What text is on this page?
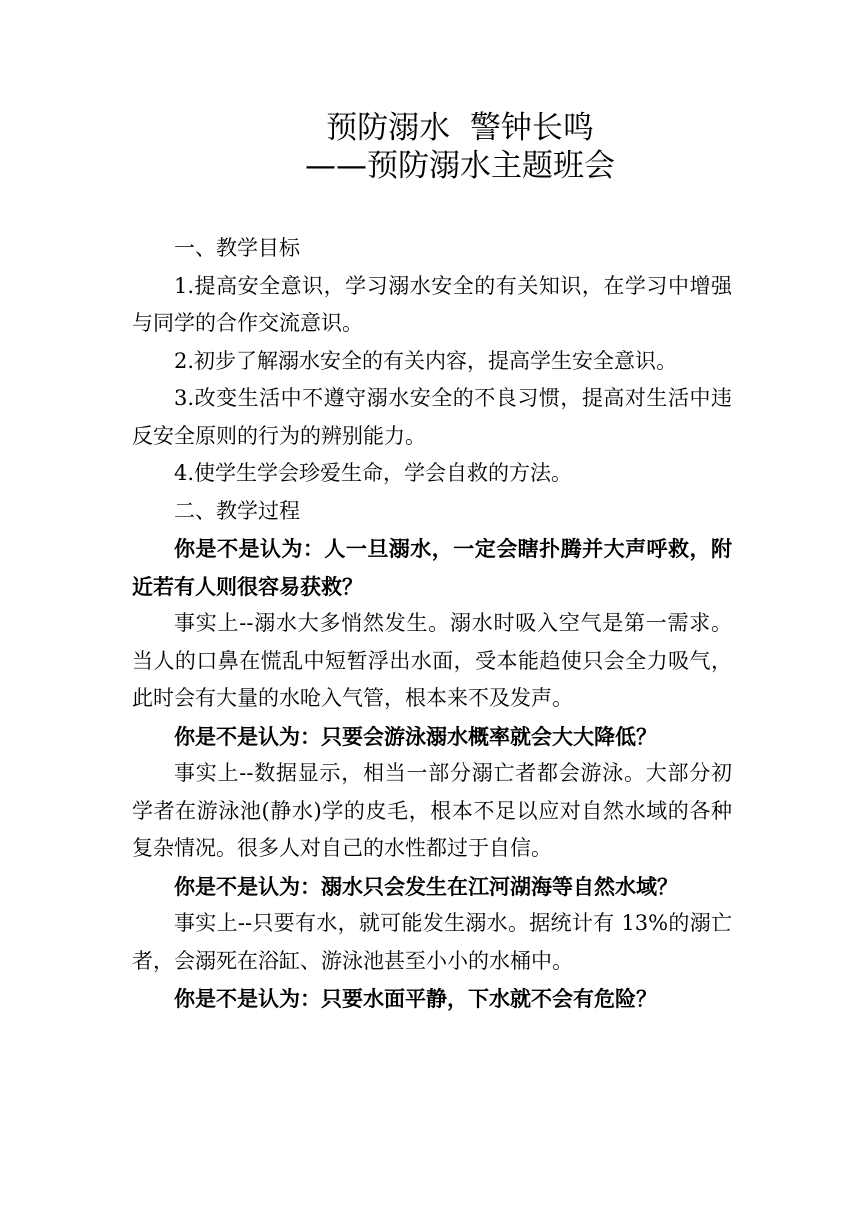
预防溺水  警钟长鸣
——预防溺水主题班会

一、教学目标

1.提高安全意识，学习溺水安全的有关知识，在学习中增强与同学的合作交流意识。

2.初步了解溺水安全的有关内容，提高学生安全意识。

3.改变生活中不遵守溺水安全的不良习惯，提高对生活中违反安全原则的行为的辨别能力。

4.使学生学会珍爱生命，学会自救的方法。

二、教学过程

你是不是认为：人一旦溺水，一定会瞎扑腾并大声呼救，附近若有人则很容易获救？

事实上--溺水大多悄然发生。溺水时吸入空气是第一需求。当人的口鼻在慌乱中短暂浮出水面，受本能趋使只会全力吸气，此时会有大量的水呛入气管，根本来不及发声。

你是不是认为：只要会游泳溺水概率就会大大降低？

事实上--数据显示，相当一部分溺亡者都会游泳。大部分初学者在游泳池(静水)学的皮毛，根本不足以应对自然水域的各种复杂情况。很多人对自己的水性都过于自信。

你是不是认为：溺水只会发生在江河湖海等自然水域？

事实上--只要有水，就可能发生溺水。据统计有 13%的溺亡者，会溺死在浴缸、游泳池甚至小小的水桶中。

你是不是认为：只要水面平静，下水就不会有危险？
